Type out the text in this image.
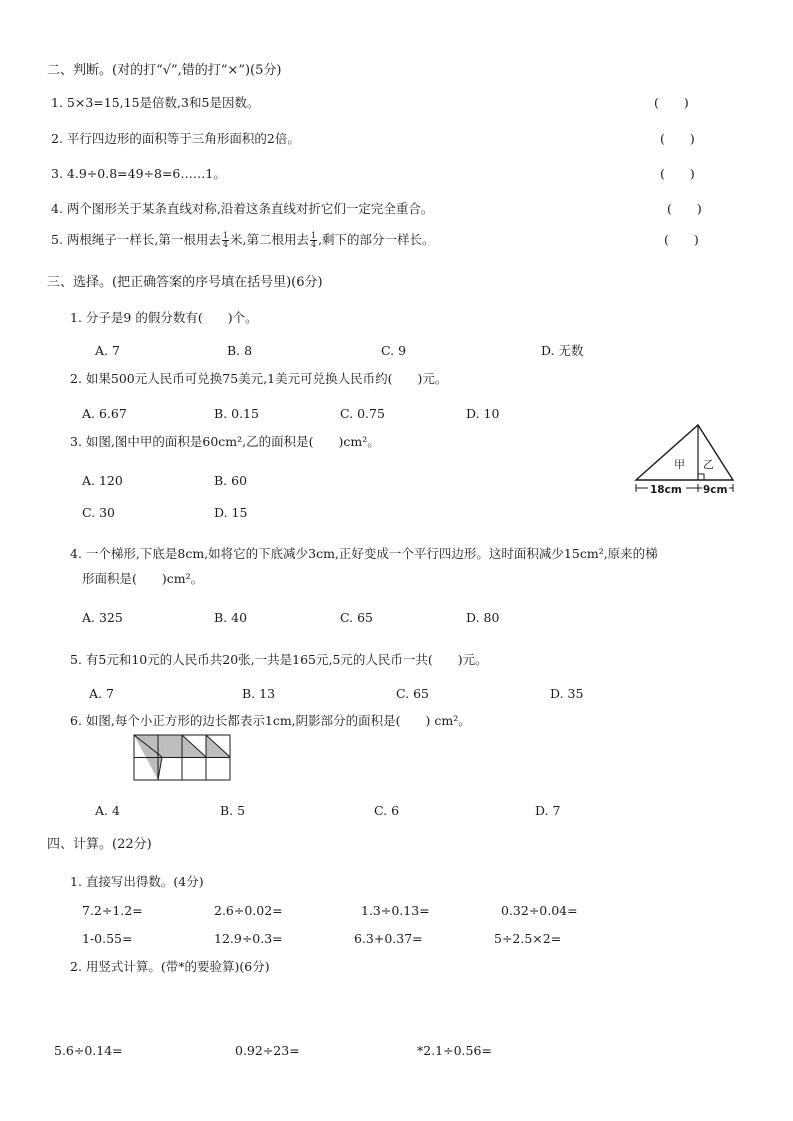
二、判断。(对的打“√”,错的打“×”)(5分)
1. 5×3=15,15是倍数,3和5是因数。	(　　)
2. 平行四边形的面积等于三角形面积的2倍。	(　　)
3. 4.9÷0.8=49÷8=6……1。	(　　)
4. 两个图形关于某条直线对称,沿着这条直线对折它们一定完全重合。	(　　)
5. 两根绳子一样长,第一根用去 $\frac{1}{4}$ 米,第二根用去 $\frac{1}{4}$ ,剩下的部分一样长。	(　　)
三、选择。(把正确答案的序号填在括号里)(6分)
1. 分子是9 的假分数有(　　)个。
A. 7	B. 8	C. 9	D. 无数
2. 如果500元人民币可兑换75美元,1美元可兑换人民币约(　　)元。
A. 6.67	B. 0.15	C. 0.75	D. 10
3. 如图,图中甲的面积是60cm²,乙的面积是(　　)cm²。
A. 120	B. 60
C. 30	D. 15
甲 乙
18cm 9cm
4. 一个梯形,下底是8cm,如将它的下底减少3cm,正好变成一个平行四边形。这时面积减少15cm²,原来的梯
形面积是(　　)cm²。
A. 325	B. 40	C. 65	D. 80
5. 有5元和10元的人民币共20张,一共是165元,5元的人民币一共(　　)元。
A. 7	B. 13	C. 65	D. 35
6. 如图,每个小正方形的边长都表示1cm,阴影部分的面积是(　　) cm²。
A. 4	B. 5	C. 6	D. 7
四、计算。(22分)
1. 直接写出得数。(4分)
7.2÷1.2=	2.6÷0.02=	1.3÷0.13=	0.32÷0.04=
1-0.55=	12.9÷0.3=	6.3+0.37=	5÷2.5×2=
2. 用竖式计算。(带*的要验算)(6分)
5.6÷0.14=	0.92÷23=	*2.1÷0.56=
